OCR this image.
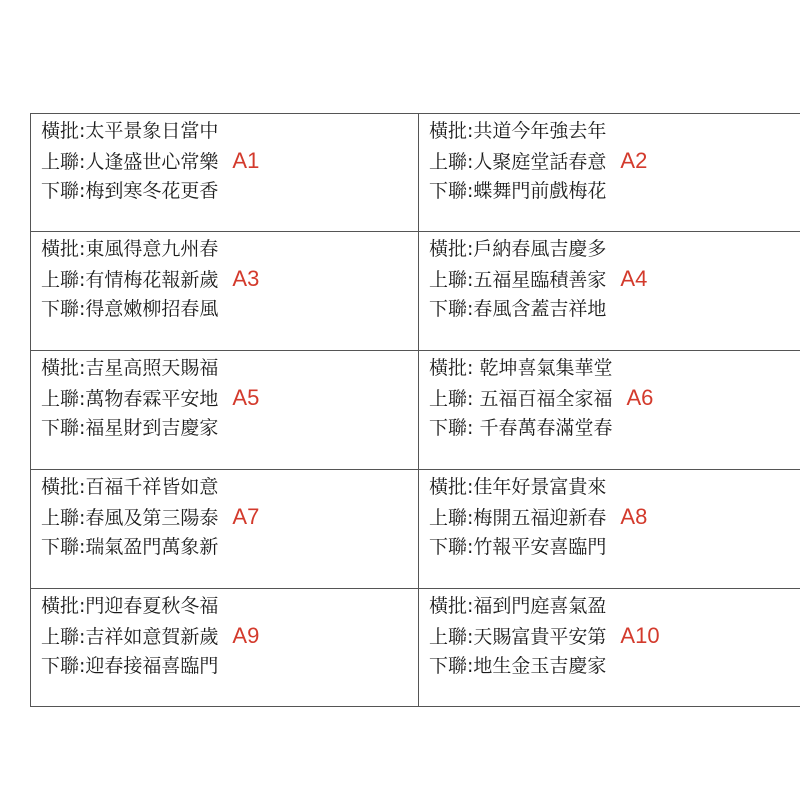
橫批:太平景象日當中
上聯:人逢盛世心常樂 A1
下聯:梅到寒冬花更香
橫批:共道今年強去年
上聯:人聚庭堂話春意 A2
下聯:蝶舞門前戲梅花
橫批:東風得意九州春
上聯:有情梅花報新歲 A3
下聯:得意嫩柳招春風
橫批:戶納春風吉慶多
上聯:五福星臨積善家 A4
下聯:春風含蓋吉祥地
橫批:吉星高照天賜福
上聯:萬物春霖平安地 A5
下聯:福星財到吉慶家
橫批: 乾坤喜氣集華堂
上聯: 五福百福全家福 A6
下聯: 千春萬春滿堂春
橫批:百福千祥皆如意
上聯:春風及第三陽泰 A7
下聯:瑞氣盈門萬象新
橫批:佳年好景富貴來
上聯:梅開五福迎新春 A8
下聯:竹報平安喜臨門
橫批:門迎春夏秋冬福
上聯:吉祥如意賀新歲 A9
下聯:迎春接福喜臨門
橫批:福到門庭喜氣盈
上聯:天賜富貴平安第 A10
下聯:地生金玉吉慶家
